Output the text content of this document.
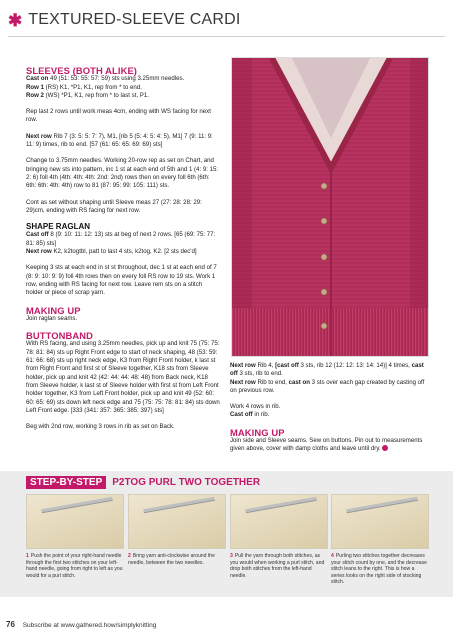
✱ TEXTURED-SLEEVE CARDI
SLEEVES (BOTH ALIKE)
Cast on 49 (51: 53: 55: 57: 59) sts using 3.25mm needles.
Row 1 (RS) K1, *P1, K1, rep from * to end.
Row 2 (WS) *P1, K1, rep from * to last st, P1.
Rep last 2 rows until work meas 4cm, ending with WS facing for next row.
Next row Rib 7 (3: 5: 5: 7: 7), M1, [rib 5 (5: 4: 5: 4: 5), M1] 7 (9: 11: 9: 11: 9) times, rib to end. [57 (61: 65: 65: 69: 69) sts]
Change to 3.75mm needles. Working 20-row rep as set on Chart, and bringing new sts into pattern, inc 1 st at each end of 5th and 1 (4: 9: 15: 2: 6) foll 4th (4th: 4th: 4th: 2nd: 2nd) rows then on every foll 6th (6th: 6th: 6th: 4th: 4th) row to 81 (87: 95: 99: 105: 111) sts.
Cont as set without shaping until Sleeve meas 27 (27: 28: 28: 29: 29)cm, ending with RS facing for next row.
SHAPE RAGLAN
Cast off 8 (9: 10: 11: 12: 13) sts at beg of next 2 rows. [65 (69: 75: 77: 81: 85) sts]
Next row K2, k2togtbl, patt to last 4 sts, k2tog, K2. [2 sts dec'd]
Keeping 3 sts at each end in st st throughout, dec 1 st at each end of 7 (8: 9: 10: 9: 9) foll 4th rows then on every foll RS row to 19 sts. Work 1 row, ending with RS facing for next row. Leave rem sts on a stitch holder or piece of scrap yarn.
MAKING UP
Join raglan seams.
BUTTONBAND
With RS facing, and using 3.25mm needles, pick up and knit 75 (75: 75: 78: 81: 84) sts up Right Front edge to start of neck shaping, 48 (53: 59: 61: 66: 68) sts up right neck edge, K3 from Right Front holder, k last st from Right Front and first st of Sleeve together, K18 sts from Sleeve holder, pick up and knit 42 (42: 44: 44: 48: 48) from Back neck, K18 from Sleeve holder, k last st of Sleeve holder with first st from Left Front holder together, K3 from Left Front holder, pick up and knit 49 (52: 60: 60: 65: 69) sts down left neck edge and 75 (75: 75: 78: 81: 84) sts down Left Front edge. [333 (341: 357: 365: 385: 397) sts]
Beg with 2nd row, working 3 rows in rib as set on Back.
Next row Rib 4, [cast off 3 sts, rib 12 (12: 12: 13: 14: 14)] 4 times, cast off 3 sts, rib to end.
Next row Rib to end, cast on 3 sts over each gap created by casting off on previous row.
Work 4 rows in rib.
Cast off in rib.
MAKING UP
Join side and Sleeve seams. Sew on buttons. Pin out to measurements given above, cover with damp cloths and leave until dry.
STEP-BY-STEP	P2TOG PURL TWO TOGETHER
1 Push the point of your right-hand needle through the first two stitches on your left-hand needle, going from right to left as you would for a purl stitch.
2 Bring yarn anti-clockwise around the needle, between the two needles.
3 Pull the yarn through both stitches, as you would when working a purl stitch, and drop both stitches from the left-hand needle.
4 Purling two stitches together decreases your stitch count by one, and the decrease stitch leans to the right. This is how a series looks on the right side of stocking stitch.
76 Subscribe at www.gathered.how/simplyknitting
